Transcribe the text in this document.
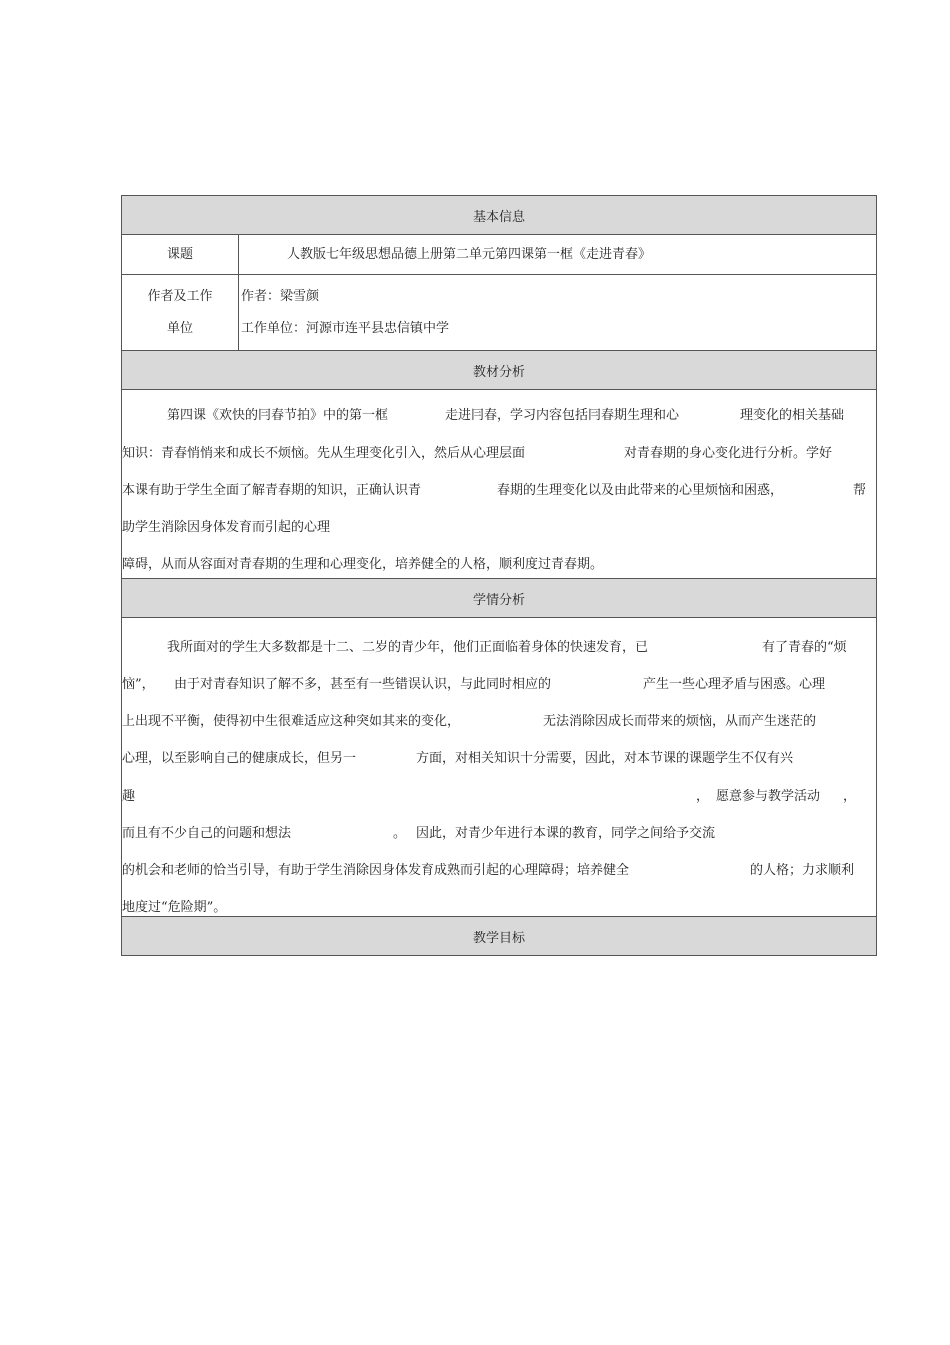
基本信息
课题	人教版七年级思想品德上册第二单元第四课第一框《走进青春》
作者及工作
单位
作者：梁雪颜
工作单位：河源市连平县忠信镇中学
教材分析
第四课《欢快的冃春节拍》中的第一框	走进冃春，学习内容包括冃春期生理和心	理变化的相关基础
知识：青春悄悄来和成长不烦恼。先从生理变化引入，然后从心理层面	对青春期的身心变化进行分析。学好
本课有助于学生全面了解青春期的知识，正确认识青	春期的生理变化以及由此带来的心里烦恼和困惑，	帮
助学生消除因身体发育而引起的心理
障碍，从而从容面对青春期的生理和心理变化，培养健全的人格，顺利度过青春期。
学情分析
我所面对的学生大多数都是十二、二岁的青少年，他们正面临着身体的快速发育，已	有了青春的“烦
恼”， 由于对青春知识了解不多，甚至有一些错误认识，与此同时相应的	产生一些心理矛盾与困惑。心理
上出现不平衡，使得初中生很难适应这种突如其来的变化，	无法消除因成长而带来的烦恼，从而产生迷茫的
心理，以至影响自己的健康成长，但另一	方面，对相关知识十分需要，因此，对本节课的课题学生不仅有兴
趣	， 愿意参与教学活动 ，
而且有不少自己的问题和想法	。 因此，对青少年进行本课的教育，同学之间给予交流
的机会和老师的恰当引导，有助于学生消除因身体发育成熟而引起的心理障碍；培养健全	的人格；力求顺利
地度过“危险期”。
教学目标
